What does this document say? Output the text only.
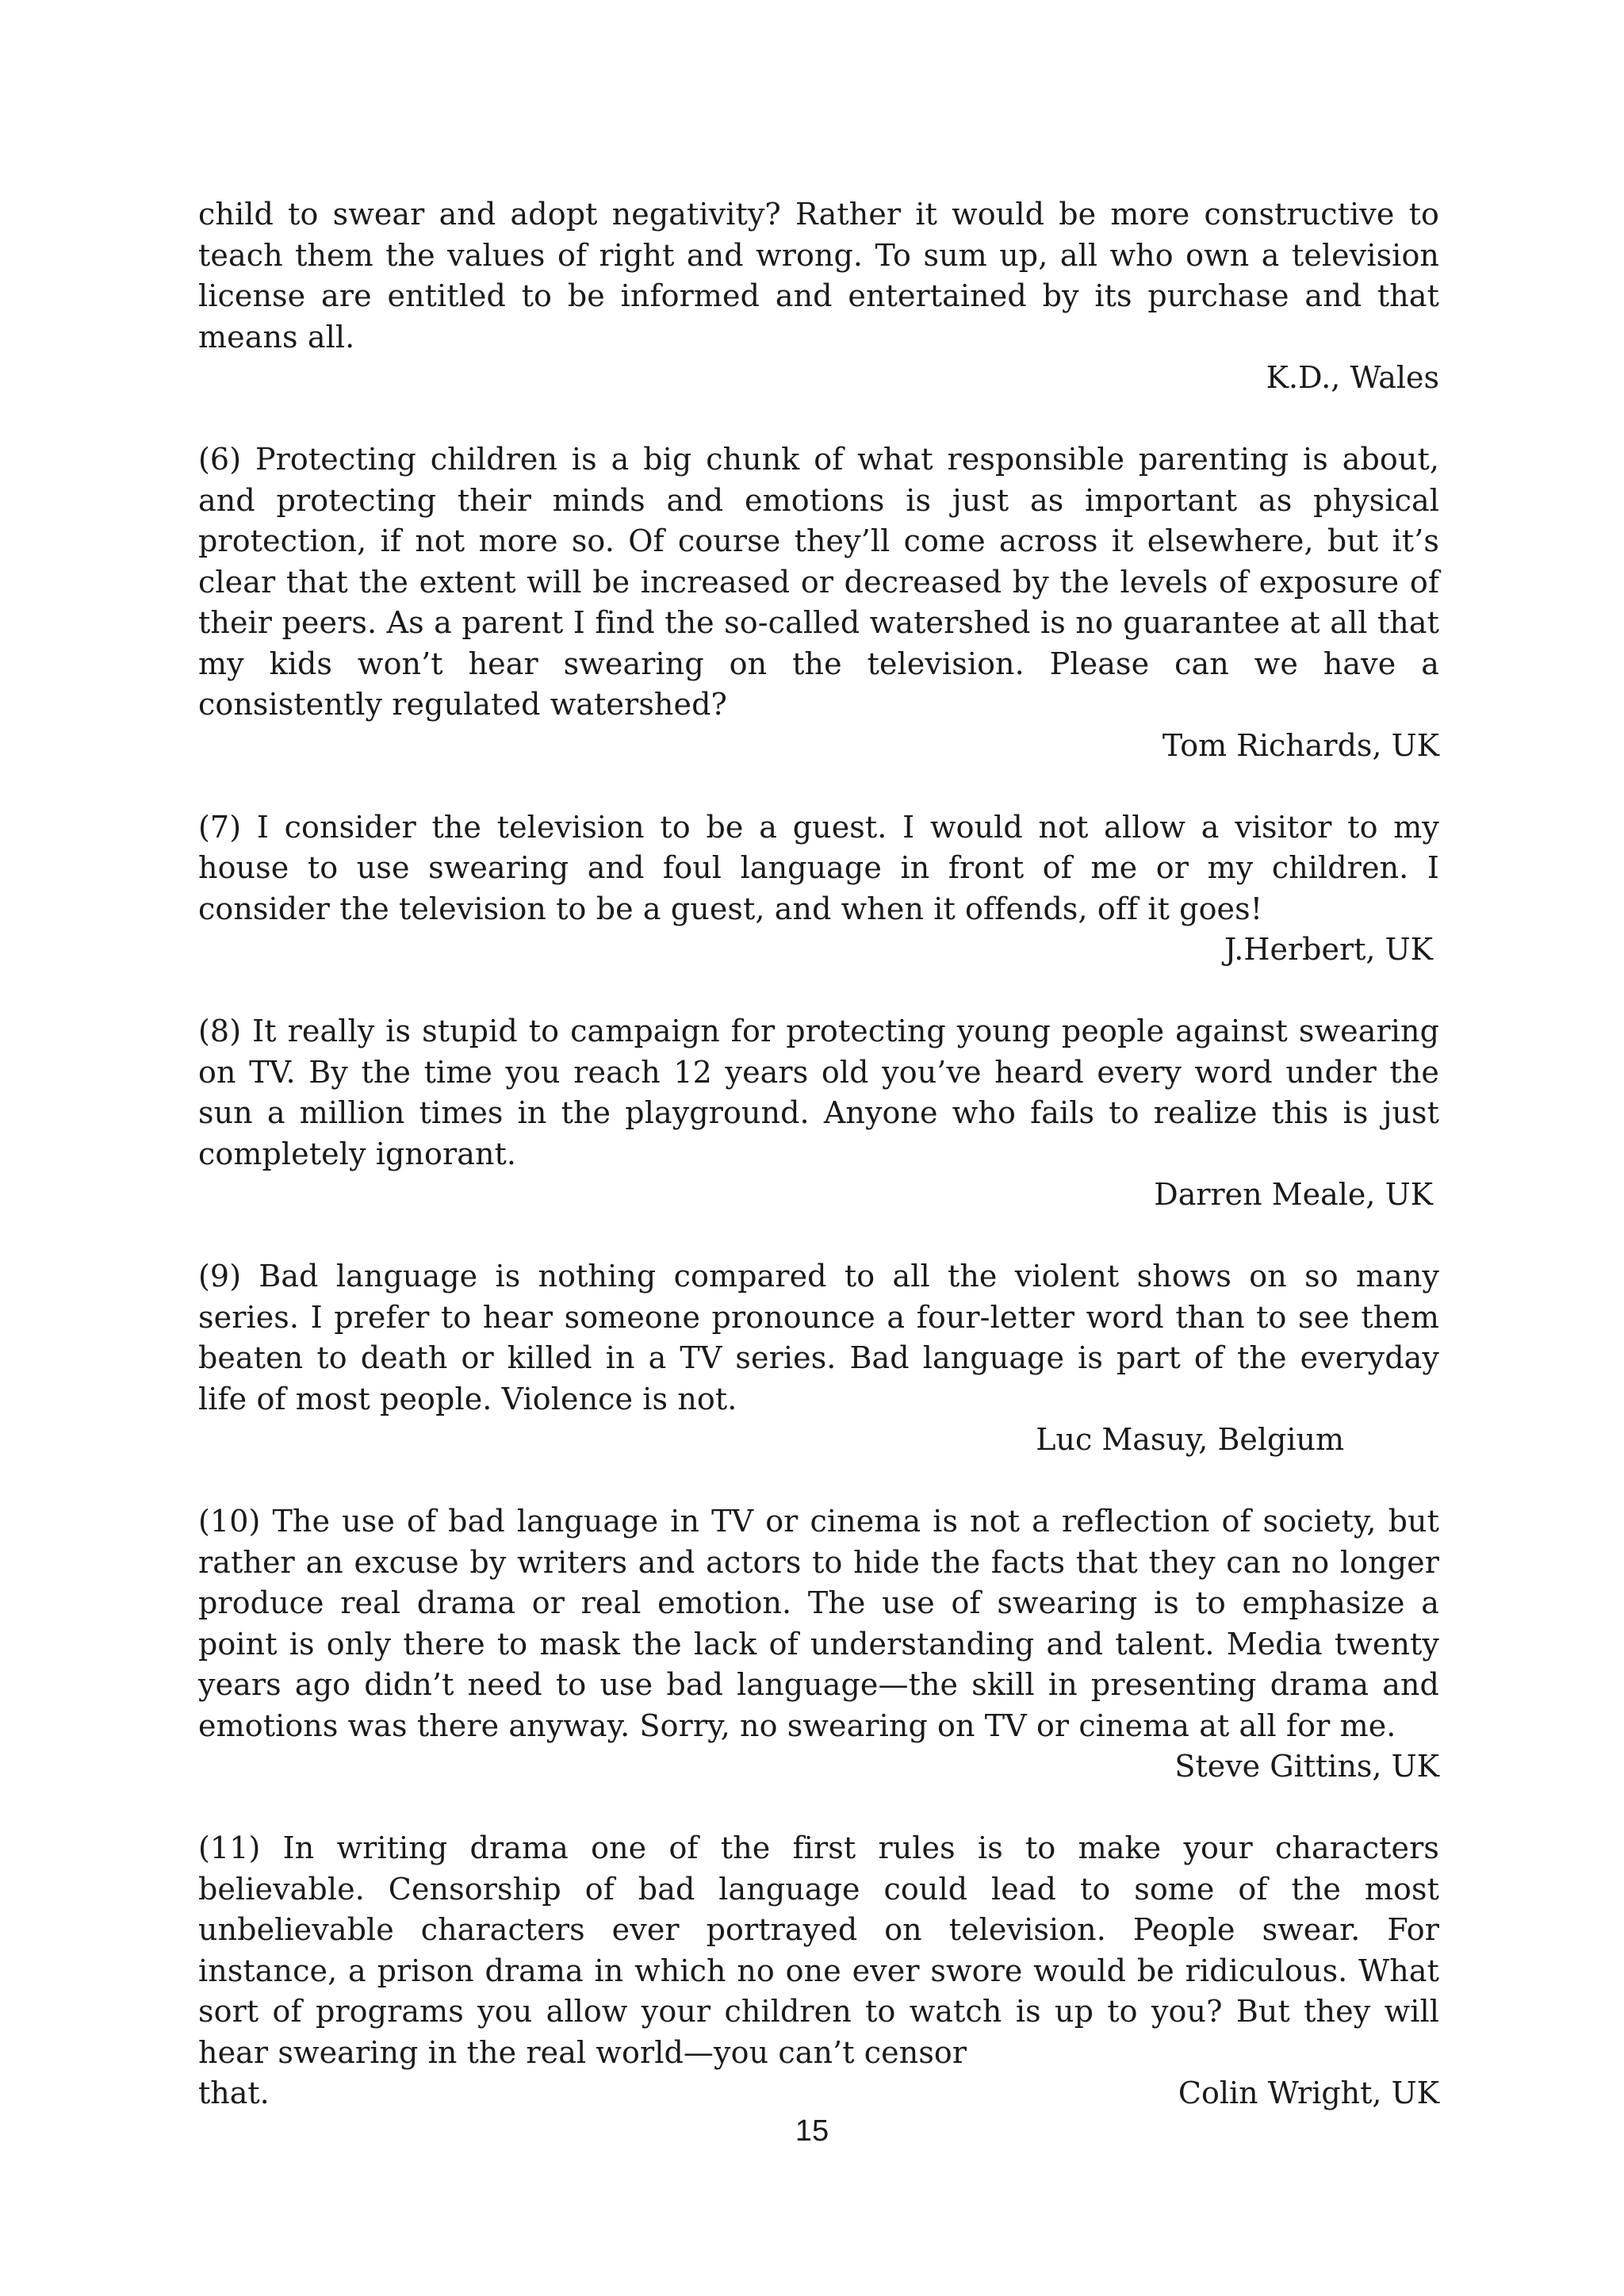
child to swear and adopt negativity? Rather it would be more constructive to teach them the values of right and wrong. To sum up, all who own a television license are entitled to be informed and entertained by its purchase and that means all.

K.D., Wales

(6) Protecting children is a big chunk of what responsible parenting is about, and protecting their minds and emotions is just as important as physical protection, if not more so. Of course they’ll come across it elsewhere, but it’s clear that the extent will be increased or decreased by the levels of exposure of their peers. As a parent I find the so-called watershed is no guarantee at all that my kids won’t hear swearing on the television. Please can we have a consistently regulated watershed?

Tom Richards, UK

(7) I consider the television to be a guest. I would not allow a visitor to my house to use swearing and foul language in front of me or my children. I consider the television to be a guest, and when it offends, off it goes!

J.Herbert, UK

(8) It really is stupid to campaign for protecting young people against swearing on TV. By the time you reach 12 years old you’ve heard every word under the sun a million times in the playground. Anyone who fails to realize this is just completely ignorant.

Darren Meale, UK

(9) Bad language is nothing compared to all the violent shows on so many series. I prefer to hear someone pronounce a four-letter word than to see them beaten to death or killed in a TV series. Bad language is part of the everyday life of most people. Violence is not.

Luc Masuy, Belgium

(10) The use of bad language in TV or cinema is not a reflection of society, but rather an excuse by writers and actors to hide the facts that they can no longer produce real drama or real emotion. The use of swearing is to emphasize a point is only there to mask the lack of understanding and talent. Media twenty years ago didn’t need to use bad language—the skill in presenting drama and emotions was there anyway. Sorry, no swearing on TV or cinema at all for me.

Steve Gittins, UK

(11) In writing drama one of the first rules is to make your characters believable. Censorship of bad language could lead to some of the most unbelievable characters ever portrayed on television. People swear. For instance, a prison drama in which no one ever swore would be ridiculous. What sort of programs you allow your children to watch is up to you? But they will hear swearing in the real world—you can’t censor

that.	Colin Wright, UK
15
